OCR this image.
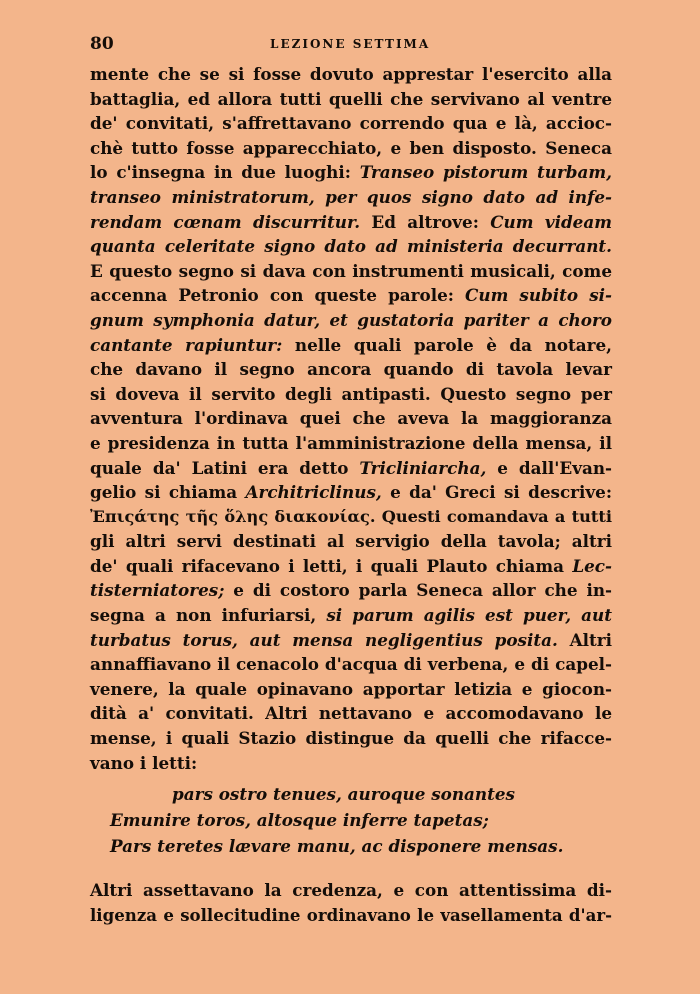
80	LEZIONE SETTIMA
mente che se si fosse dovuto apprestar l'esercito alla
battaglia, ed allora tutti quelli che servivano al ventre
de' convitati, s'affrettavano correndo qua e là, accioc-
chè tutto fosse apparecchiato, e ben disposto. Seneca
lo c'insegna in due luoghi: Transeo pistorum turbam,
transeo ministratorum, per quos signo dato ad infe-
rendam cœnam discurritur. Ed altrove: Cum videam
quanta celeritate signo dato ad ministeria decurrant.
E questo segno si dava con instrumenti musicali, come
accenna Petronio con queste parole: Cum subito si-
gnum symphonia datur, et gustatoria pariter a choro
cantante rapiuntur: nelle quali parole è da notare,
che davano il segno ancora quando di tavola levar
si doveva il servito degli antipasti. Questo segno per
avventura l'ordinava quei che aveva la maggioranza
e presidenza in tutta l'amministrazione della mensa, il
quale da' Latini era detto Tricliniarcha, e dall'Evan-
gelio si chiama Architriclinus, e da' Greci si descrive:
Ἐπιςάτης τῆς ὅλης διακονίας. Questi comandava a tutti
gli altri servi destinati al servigio della tavola; altri
de' quali rifacevano i letti, i quali Plauto chiama Lec-
tisterniatores; e di costoro parla Seneca allor che in-
segna a non infuriarsi, si parum agilis est puer, aut
turbatus torus, aut mensa negligentius posita. Altri
annaffiavano il cenacolo d'acqua di verbena, e di capel-
venere, la quale opinavano apportar letizia e giocon-
dità a' convitati. Altri nettavano e accomodavano le
mense, i quali Stazio distingue da quelli che rifacce-
vano i letti:
pars ostro tenues, auroque sonantes
Emunire toros, altosque inferre tapetas;
Pars teretes lævare manu, ac disponere mensas.
Altri assettavano la credenza, e con attentissima di-
ligenza e sollecitudine ordinavano le vasellamenta d'ar-
